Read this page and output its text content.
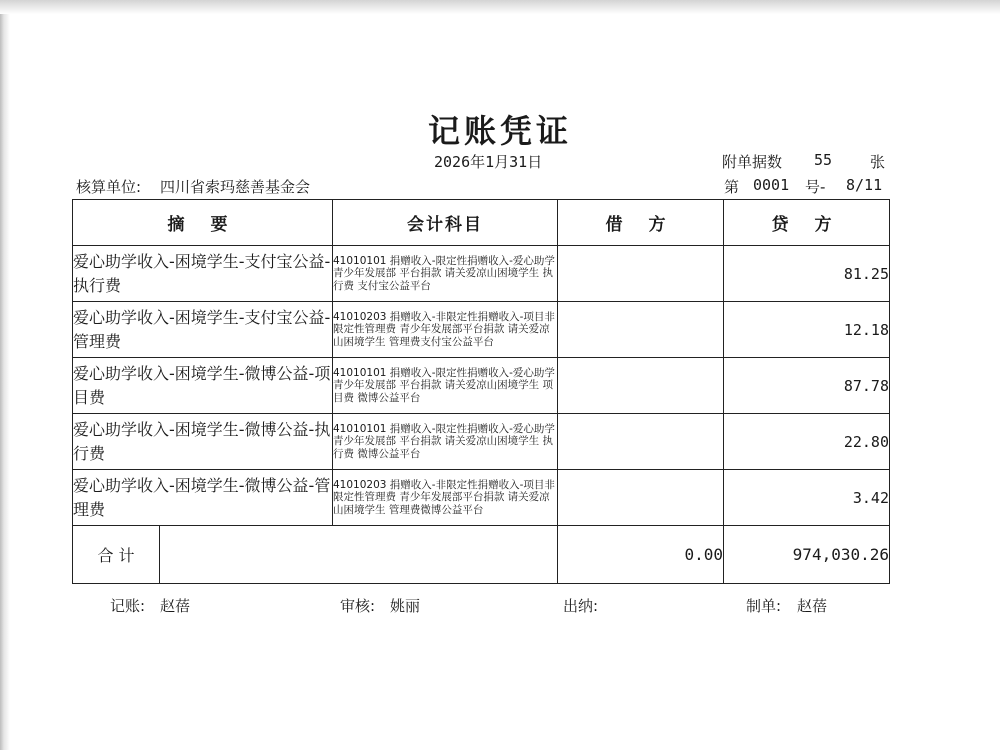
记账凭证
2026年1月31日	附单据数 55	张
核算单位: 四川省索玛慈善基金会	第 0001 号- 8/11
摘 要	会计科目	借 方	贷 方
爱心助学收入-困境学生-支付宝公益-执行费	41010101 捐赠收入-限定性捐赠收入-爱心助学 青少年发展部 平台捐款 请关爱凉山困境学生 执行费 支付宝公益平台		81.25
爱心助学收入-困境学生-支付宝公益-管理费	41010203 捐赠收入-非限定性捐赠收入-项目非限定性管理费 青少年发展部平台捐款 请关爱凉山困境学生 管理费支付宝公益平台		12.18
爱心助学收入-困境学生-微博公益-项目费	41010101 捐赠收入-限定性捐赠收入-爱心助学 青少年发展部 平台捐款 请关爱凉山困境学生 项目费 微博公益平台		87.78
爱心助学收入-困境学生-微博公益-执行费	41010101 捐赠收入-限定性捐赠收入-爱心助学 青少年发展部 平台捐款 请关爱凉山困境学生 执行费 微博公益平台		22.80
爱心助学收入-困境学生-微博公益-管理费	41010203 捐赠收入-非限定性捐赠收入-项目非限定性管理费 青少年发展部平台捐款 请关爱凉山困境学生 管理费微博公益平台		3.42

合 计		0.00	974,030.26
记账: 赵蓓	审核: 姚丽	出纳:	制单: 赵蓓
